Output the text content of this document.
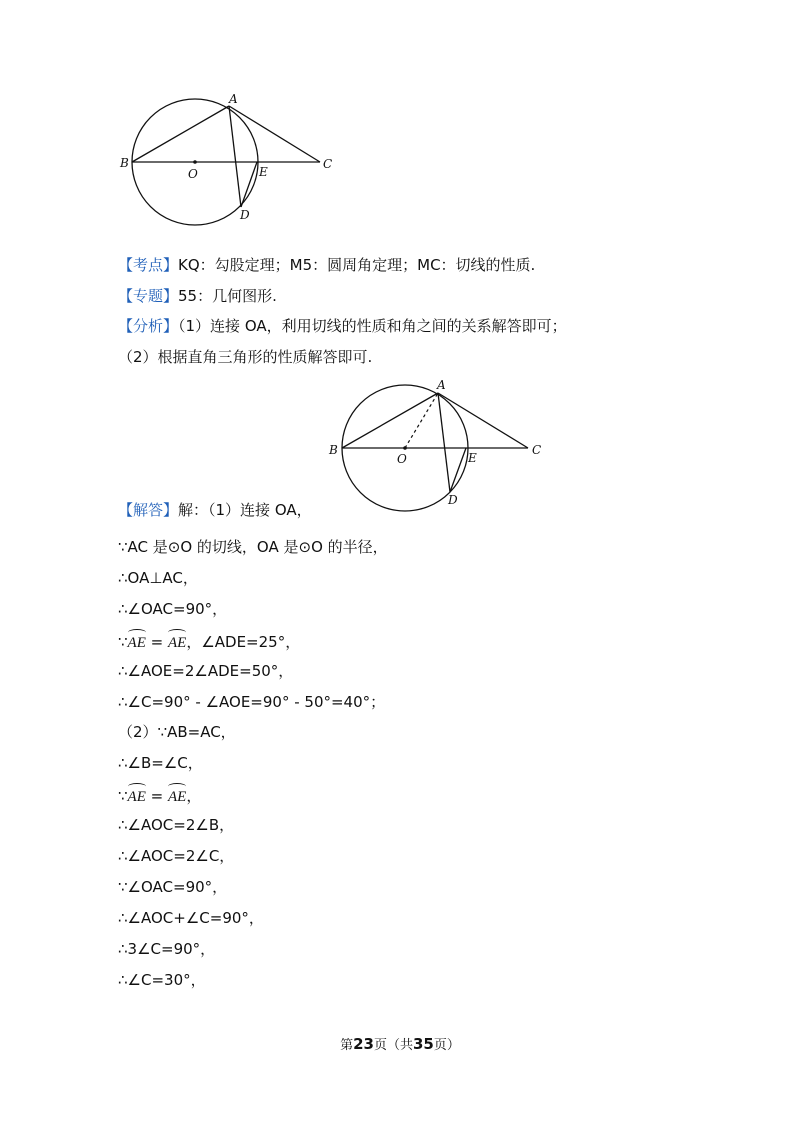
A
B	C
O	E
D
【考点】KQ：勾股定理；M5：圆周角定理；MC：切线的性质.
【专题】55：几何图形.
【分析】（1）连接 OA，利用切线的性质和角之间的关系解答即可；
（2）根据直角三角形的性质解答即可.
A
B	C
O	E
D
【解答】解：（1）连接 OA，
∵AC 是⊙O 的切线，OA 是⊙O 的半径，
∴OA⊥AC，
∴∠OAC=90°，
∵AE = AE，∠ADE=25°，
∴∠AOE=2∠ADE=50°，
∴∠C=90° - ∠AOE=90° - 50°=40°；
（2）∵AB=AC，
∴∠B=∠C，
∵AE = AE，
∴∠AOC=2∠B，
∴∠AOC=2∠C，
∵∠OAC=90°，
∴∠AOC+∠C=90°，
∴3∠C=90°，
∴∠C=30°，
第23页（共35页）
